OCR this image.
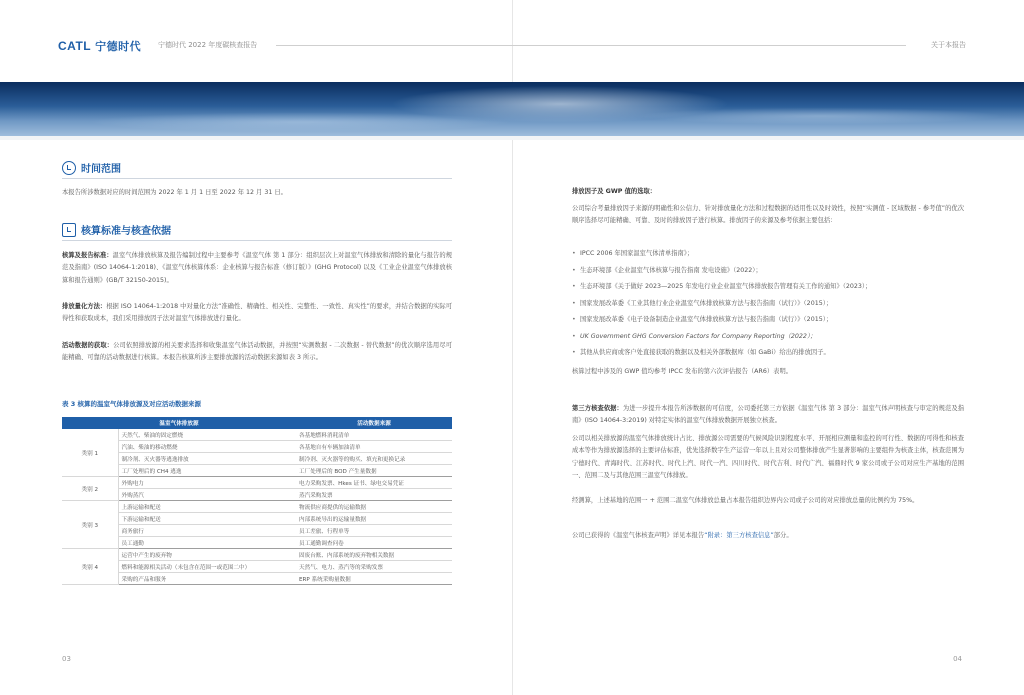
CATL 宁德时代 宁德时代 2022 年度碳核查报告	关于本报告
时间范围
本报告所涉数据对应的时间范围为 2022 年 1 月 1 日至 2022 年 12 月 31 日。
核算标准与核查依据
核算及报告标准：温室气体排放核算及报告编制过程中主要参考《温室气体 第 1 部分：组织层次上对温室气体排放和清除的量化与报告的规范及指南》(ISO 14064-1:2018)、《温室气体核算体系：企业核算与报告标准（修订版）》(GHG Protocol) 以及《工业企业温室气体排放核算和报告通则》(GB/T 32150-2015)。
排放量化方法：根据 ISO 14064-1:2018 中对量化方法“准确性、精确性、相关性、完整性、一致性、真实性”的要求，并结合数据的实际可得性和获取成本，我们采用排放因子法对温室气体排放进行量化。
活动数据的获取：公司依照排放源的相关要求选择和收集温室气体活动数据，并按照“实测数据 - 二次数据 - 替代数据”的优次顺序选用尽可能精确、可靠的活动数据进行核算。本报告核算所涉主要排放源的活动数据来源如表 3 所示。
表 3 核算的温室气体排放源及对应活动数据来源
温室气体排放源		活动数据来源
类别 1	天然气、柴油的固定燃烧	各基地燃料消耗清单
	汽油、柴油的移动燃烧	各基地自有车辆加油清单
	制冷剂、灭火器等逃逸排放	制冷剂、灭火器等的购买、填充和更换记录
	工厂处理后的 CH4 逃逸	工厂处理后的 BOD 产生量数据
类别 2	外购电力	电力采购发票、Hkes 证书、绿电交易凭证
	外购蒸汽	蒸汽采购发票
类别 3	上游运输和配送	物流供应商提供的运输数据
	下游运输和配送	内部系统导出的运输量数据
	商务旅行	员工差旅、行程单等
	员工通勤	员工通勤调查问卷
类别 4	运营中产生的废弃物	固废台账、内部系统的废弃物相关数据
	燃料和能源相关活动（未包含在范围一或范围二中）	天然气、电力、蒸汽等的采购发票
	采购的产品和服务	ERP 系统采购量数据
排放因子及 GWP 值的选取：
公司综合考量排放因子来源的明确性和公信力、针对排放量化方法和过程数据的适用性以及时效性，按照“实测值 - 区域数据 - 参考值”的优次顺序选择尽可能精确、可靠、及时的排放因子进行核算。排放因子的来源及参考依据主要包括：
• IPCC 2006 年国家温室气体清单指南》；
• 生态环境部《企业温室气体核算与报告指南 发电设施》（2022）；
• 生态环境部《关于做好 2023—2025 年发电行业企业温室气体排放报告管理有关工作的通知》（2023）；
• 国家发展改革委《工业其他行业企业温室气体排放核算方法与报告指南（试行）》（2015）；
• 国家发展改革委《电子设备制造企业温室气体排放核算方法与报告指南（试行）》（2015）；
• UK Government GHG Conversion Factors for Company Reporting（2022）；
• 其他从供应商或客户处直接获取的数据以及相关外部数据库（如 GaBi）给出的排放因子。
核算过程中涉及的 GWP 值均参考 IPCC 发布的第六次评估报告（AR6）表明。
第三方核查依据：为进一步提升本报告所涉数据的可信度，公司委托第三方依据《温室气体 第 3 部分：温室气体声明核查与审定的规范及指南》(ISO 14064-3:2019) 对特定实体的温室气体排放数据开展独立核查。
公司以相关排放源的温室气体排放统计占比、排放源公司需要的气候风险识别程度水平、开展相应测量和监控的可行性、数据的可得性和核查成本等作为排放源选择的主要评估标准，优先选择数字生产运营一年以上且对公司整体排放产生显著影响的主要组件为核查主体，核查范围为宁德时代、青海时代、江苏时代、时代上汽、时代一汽、四川时代、时代吉利、时代广汽、福鼎时代 9 家公司或子公司对应生产基地的范围一、范围二及与其他范围三温室气体排放。
经测算，上述基地的范围一 + 范围二温室气体排放总量占本报告组织边界内公司或子公司的对应排放总量的比例约为 75%。
公司已获得的《温室气体核查声明》详见本报告“附录：第三方核查信息”部分。
03	04
